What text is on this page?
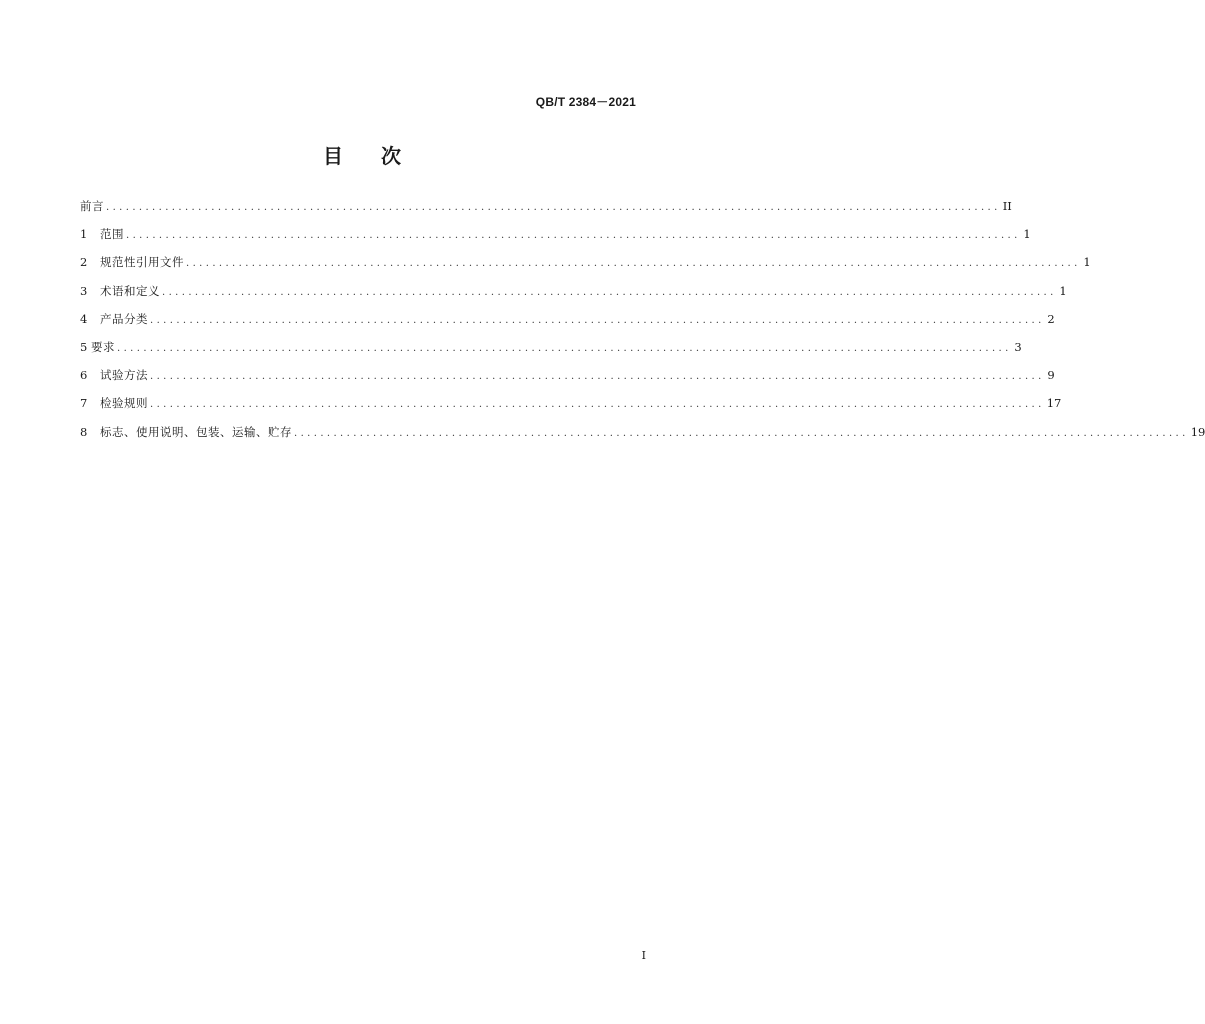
QB/T 2384－2021
目 次
前言 ........................................................................................................................................ II
1	范围 ........................................................................................................................................ 1
2	规范性引用文件 ........................................................................................................................................ 1
3	术语和定义 ........................................................................................................................................ 1
4	产品分类 ........................................................................................................................................ 2
5 要求 ........................................................................................................................................ 3
6	试验方法 ........................................................................................................................................ 9
7	检验规则 ........................................................................................................................................ 17
8	标志、使用说明、包装、运输、贮存 ........................................................................................................................................ 19
I
